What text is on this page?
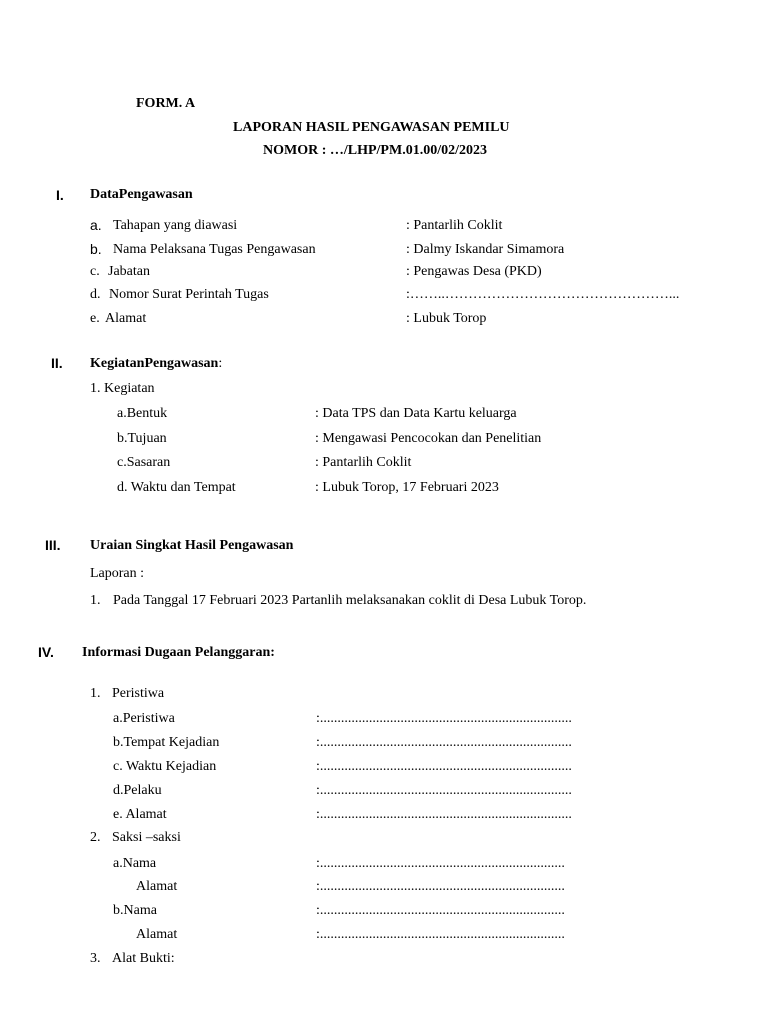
FORM. A
LAPORAN HASIL PENGAWASAN PEMILU
NOMOR : …/LHP/PM.01.00/02/2023
I. DataPengawasan
a. Tahapan yang diawasi	: Pantarlih Coklit
b. Nama Pelaksana Tugas Pengawasan	: Dalmy Iskandar Simamora
c. Jabatan	: Pengawas Desa (PKD)
d. Nomor Surat Perintah Tugas	:……..…………………………………………...
e. Alamat	: Lubuk Torop
II. KegiatanPengawasan:
1. Kegiatan
a.Bentuk	: Data TPS dan Data Kartu keluarga
b.Tujuan	: Mengawasi Pencocokan dan Penelitian
c.Sasaran	: Pantarlih Coklit
d. Waktu dan Tempat	: Lubuk Torop, 17 Februari 2023
III. Uraian Singkat Hasil Pengawasan
Laporan :
1. Pada Tanggal 17 Februari 2023 Partanlih melaksanakan coklit di Desa Lubuk Torop.
IV. Informasi Dugaan Pelanggaran:
1. Peristiwa
a.Peristiwa	:........................................................................
b.Tempat Kejadian	:........................................................................
c. Waktu Kejadian	:........................................................................
d.Pelaku	:........................................................................
e. Alamat	:........................................................................
2. Saksi –saksi
a.Nama	:......................................................................
Alamat	:......................................................................
b.Nama	:......................................................................
Alamat	:......................................................................
3. Alat Bukti:
